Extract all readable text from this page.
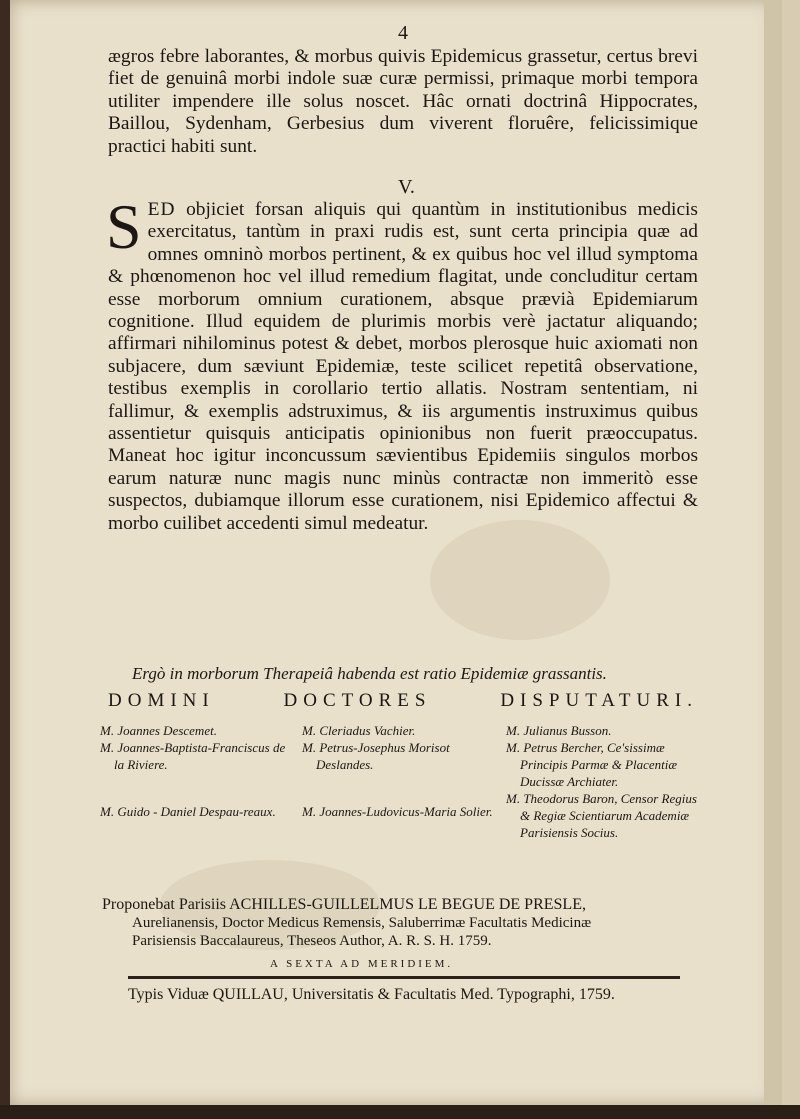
4

ægros febre laborantes, & morbus quivis Epidemicus grassetur, certus brevi fiet de genuinâ morbi indole suæ curæ permissi, primaque morbi tempora utiliter impendere ille solus noscet. Hâc ornati doctrinâ Hippocrates, Baillou, Sydenham, Gerbesius dum viverent floruêre, felicissimique practici habiti sunt.

V.
SED objiciet forsan aliquis qui quantùm in institutionibus medicis exercitatus, tantùm in praxi rudis est, sunt certa principia quæ ad omnes omninò morbos pertinent, & ex quibus hoc vel illud symptoma & phœnomenon hoc vel illud remedium flagitat, unde concluditur certam esse morborum omnium curationem, absque prævià Epidemiarum cognitione. Illud equidem de plurimis morbis verè jactatur aliquando; affirmari nihilominus potest & debet, morbos plerosque huic axiomati non subjacere, dum sæviunt Epidemiæ, teste scilicet repetitâ observatione, testibus exemplis in corollario tertio allatis. Nostram sententiam, ni fallimur, & exemplis adstruximus, & iis argumentis instruximus quibus assentietur quisquis anticipatis opinionibus non fuerit præoccupatus. Maneat hoc igitur inconcussum sævientibus Epidemiis singulos morbos earum naturæ nunc magis nunc minùs contractæ non immeritò esse suspectos, dubiamque illorum esse curationem, nisi Epidemico affectui & morbo cuilibet accedenti simul medeatur.
Ergò in morborum Therapeiâ habenda est ratio Epidemiæ grassantis.
DOMINI DOCTORES DISPUTATURI.

M. Joannes Descemet.

M. Joannes-Baptista-Franciscus de la Riviere.

M. Guido - Daniel Despau-reaux.

M. Cleriadus Vachier.

M. Petrus-Josephus Morisot Deslandes.

M. Joannes-Ludovicus-Maria Solier.

M. Julianus Busson.

M. Petrus Bercher, Ce'sissimæ Principis Parmæ & Placentiæ Ducissæ Archiater.

M. Theodorus Baron, Censor Regius & Regiæ Scientiarum Academiæ Parisiensis Socius.

Proponebat Parisiis ACHILLES-GUILLELMUS LE BEGUE DE PRESLE,
Aurelianensis, Doctor Medicus Remensis, Saluberrimæ Facultatis Medicinæ
Parisiensis Baccalaureus, Theseos Author, A. R. S. H. 1759.
A SEXTA AD MERIDIEM.
Typis Viduæ QUILLAU, Universitatis & Facultatis Med. Typographi, 1759.
